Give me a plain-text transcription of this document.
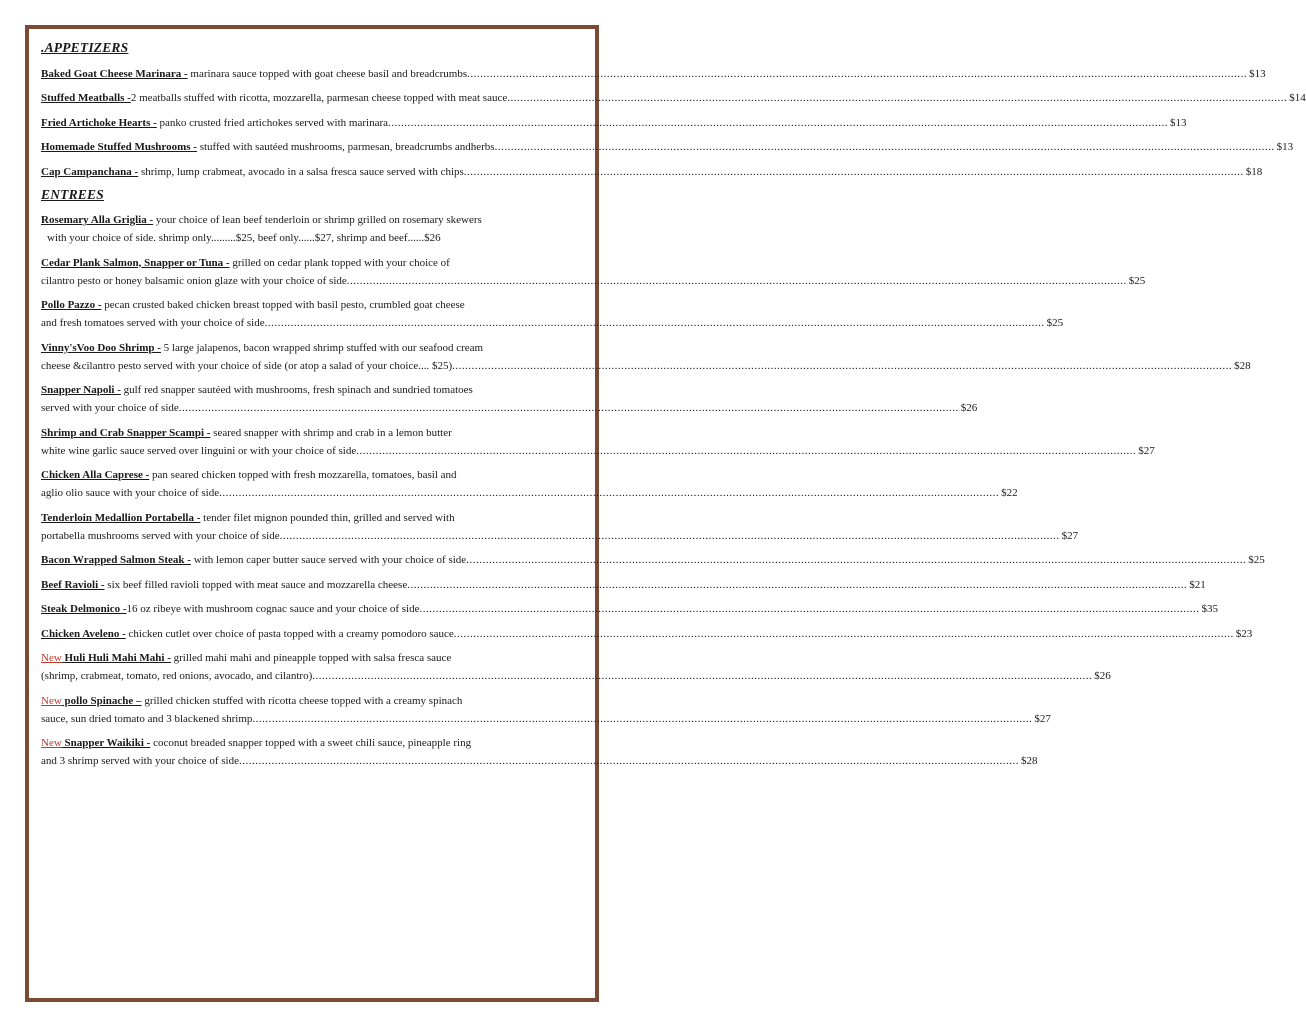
.APPETIZERS
Baked Goat Cheese Marinara - marinara sauce topped with goat cheese basil and breadcrumbs .....	$13
Stuffed Meatballs -2 meatballs stuffed with ricotta, mozzarella, parmesan cheese topped with meat sauce .....	$14
Fried Artichoke Hearts - panko crusted fried artichokes served with marinara .....	$13
Homemade Stuffed Mushrooms - stuffed with sautéed mushrooms, parmesan, breadcrumbs andherbs .....	$13
Cap Campanchana - shrimp, lump crabmeat, avocado in a salsa fresca sauce served with chips .....	$18
ENTREES
Rosemary Alla Griglia - your choice of lean beef tenderloin or shrimp grilled on rosemary skewers
with your choice of side. shrimp only.........$25, beef only......$27, shrimp and beef......$26
Cedar Plank Salmon, Snapper or Tuna - grilled on cedar plank topped with your choice of
cilantro pesto or honey balsamic onion glaze with your choice of side .....	$25
Pollo Pazzo - pecan crusted baked chicken breast topped with basil pesto, crumbled goat cheese
and fresh tomatoes served with your choice of side .....	$25
Vinny'sVoo Doo Shrimp - 5 large jalapenos, bacon wrapped shrimp stuffed with our seafood cream
cheese &cilantro pesto served with your choice of side (or atop a salad of your choice.... $25) .....	$28
Snapper Napoli - gulf red snapper sautéed with mushrooms, fresh spinach and sundried tomatoes
served with your choice of side .....	$26
Shrimp and Crab Snapper Scampi - seared snapper with shrimp and crab in a lemon butter
white wine garlic sauce served over linguini or with your choice of side .....	$27
Chicken Alla Caprese - pan seared chicken topped with fresh mozzarella, tomatoes, basil and
aglio olio sauce with your choice of side .....	$22
Tenderloin Medallion Portabella - tender filet mignon pounded thin, grilled and served with
portabella mushrooms served with your choice of side .....	$27
Bacon Wrapped Salmon Steak - with lemon caper butter sauce served with your choice of side .....	$25
Beef Ravioli - six beef filled ravioli topped with meat sauce and mozzarella cheese .....	$21
Steak Delmonico -16 oz ribeye with mushroom cognac sauce and your choice of side .....	$35
Chicken Aveleno - chicken cutlet over choice of pasta topped with a creamy pomodoro sauce .....	$23
New Huli Huli Mahi Mahi - grilled mahi mahi and pineapple topped with salsa fresca sauce
(shrimp, crabmeat, tomato, red onions, avocado, and cilantro) .....	$26
New pollo Spinache – grilled chicken stuffed with ricotta cheese topped with a creamy spinach
sauce, sun dried tomato and 3 blackened shrimp .....	$27
New Snapper Waikiki - coconut breaded snapper topped with a sweet chili sauce, pineapple ring
and 3 shrimp served with your choice of side .....	$28
